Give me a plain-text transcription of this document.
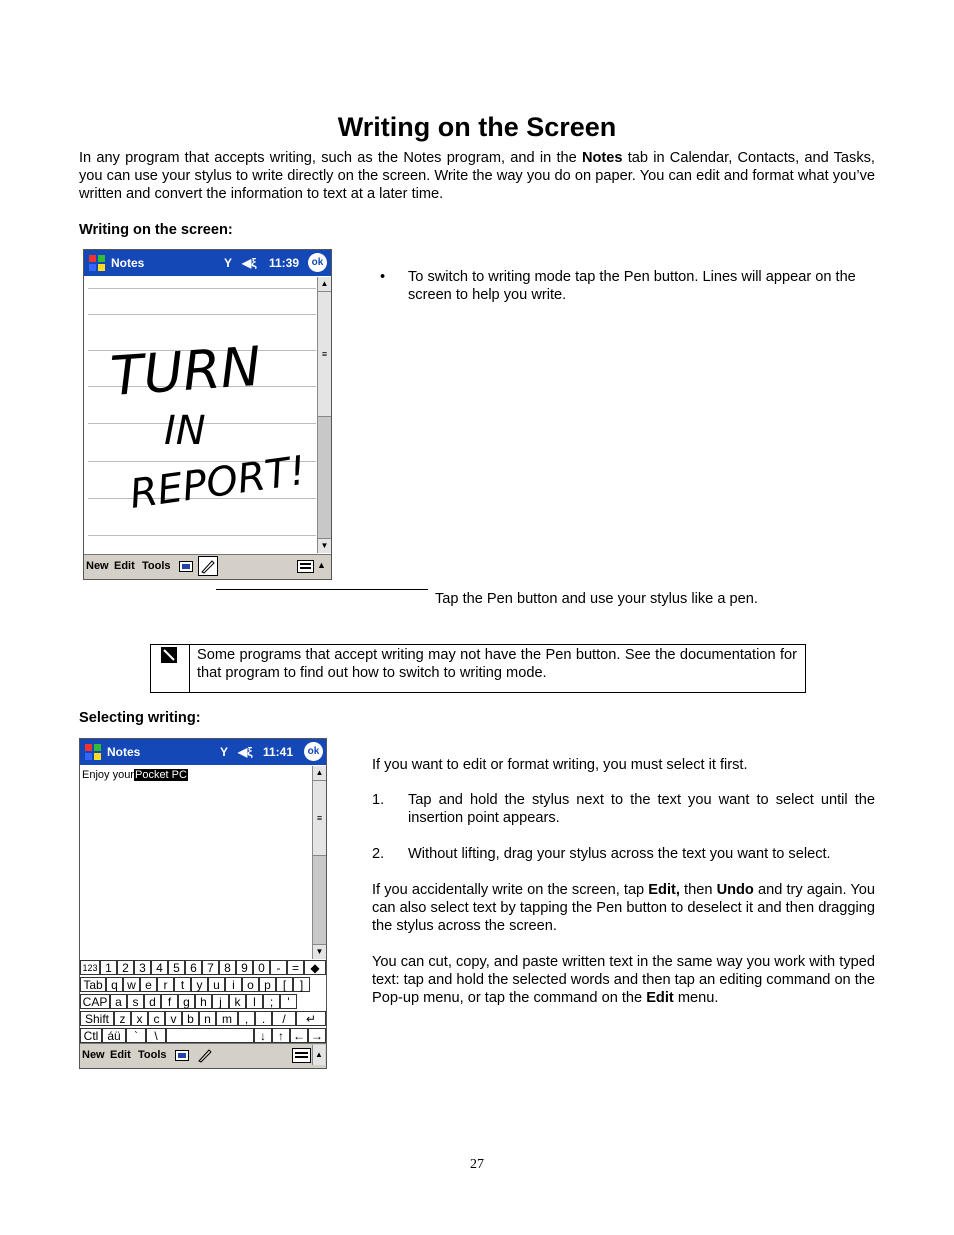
Writing on the Screen
In any program that accepts writing, such as the Notes program, and in the Notes tab in Calendar, Contacts, and Tasks, you can use your stylus to write directly on the screen. Write the way you do on paper. You can edit and format what you’ve written and convert the information to text at a later time.
Writing on the screen:
Notes	Y ◀ξ 11:39	ok
TURN
IN
REPORT!
▲
≡
▼
New Edit Tools	▲
• To switch to writing mode tap the Pen button. Lines will appear on the screen to help you write.
Tap the Pen button and use your stylus like a pen.
Some programs that accept writing may not have the Pen button. See the documentation for that program to find out how to switch to writing mode.
Selecting writing:
Notes	Y ◀ξ 11:41	ok
Enjoy yourPocket PC	▲
≡
▼
123 1 2 3 4 5 6 7 8 9 0 - = ◆
Tab q w e r	t	y u	i	o p [	]
CAP a s d f g h	j	k	l	;	'
Shift z x c v b n m	,	.	/	↵
Ctl áü	`	\	↓	↑ ← →
New Edit Tools	▲
If you want to edit or format writing, you must select it first.
1. Tap and hold the stylus next to the text you want to select until the insertion point appears.
2. Without lifting, drag your stylus across the text you want to select.
If you accidentally write on the screen, tap Edit, then Undo and try again. You can also select text by tapping the Pen button to deselect it and then dragging the stylus across the screen.
You can cut, copy, and paste written text in the same way you work with typed text: tap and hold the selected words and then tap an editing command on the Pop-up menu, or tap the command on the Edit menu.
27
